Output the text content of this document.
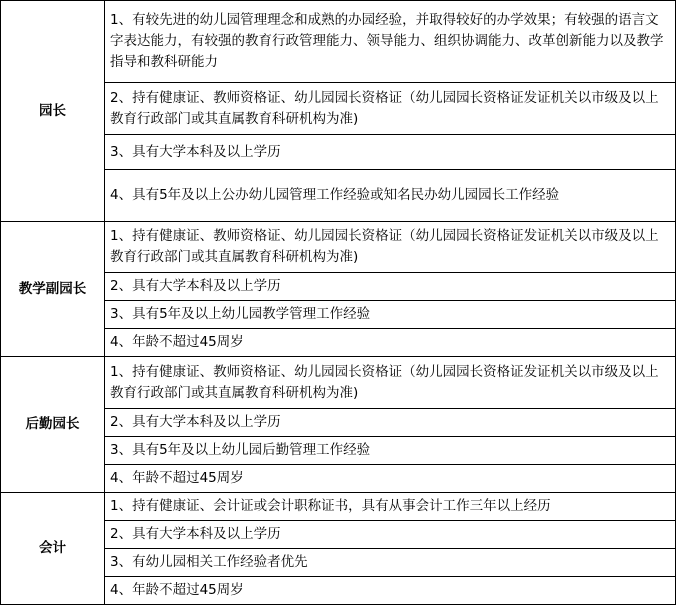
园长	1、有较先进的幼儿园管理理念和成熟的办园经验，并取得较好的办学效果；有较强的语言文字表达能力，有较强的教育行政管理能力、领导能力、组织协调能力、改革创新能力以及教学指导和教科研能力
	2、持有健康证、教师资格证、幼儿园园长资格证（幼儿园园长资格证发证机关以市级及以上教育行政部门或其直属教育科研机构为准)
	3、具有大学本科及以上学历
	4、具有5年及以上公办幼儿园管理工作经验或知名民办幼儿园园长工作经验
教学副园长	1、持有健康证、教师资格证、幼儿园园长资格证（幼儿园园长资格证发证机关以市级及以上教育行政部门或其直属教育科研机构为准)
	2、具有大学本科及以上学历
	3、具有5年及以上幼儿园教学管理工作经验
	4、年龄不超过45周岁
后勤园长	1、持有健康证、教师资格证、幼儿园园长资格证（幼儿园园长资格证发证机关以市级及以上教育行政部门或其直属教育科研机构为准)
	2、具有大学本科及以上学历
	3、具有5年及以上幼儿园后勤管理工作经验
	4、年龄不超过45周岁
会计	1、持有健康证、会计证或会计职称证书，具有从事会计工作三年以上经历
	2、具有大学本科及以上学历
	3、有幼儿园相关工作经验者优先
	4、年龄不超过45周岁
